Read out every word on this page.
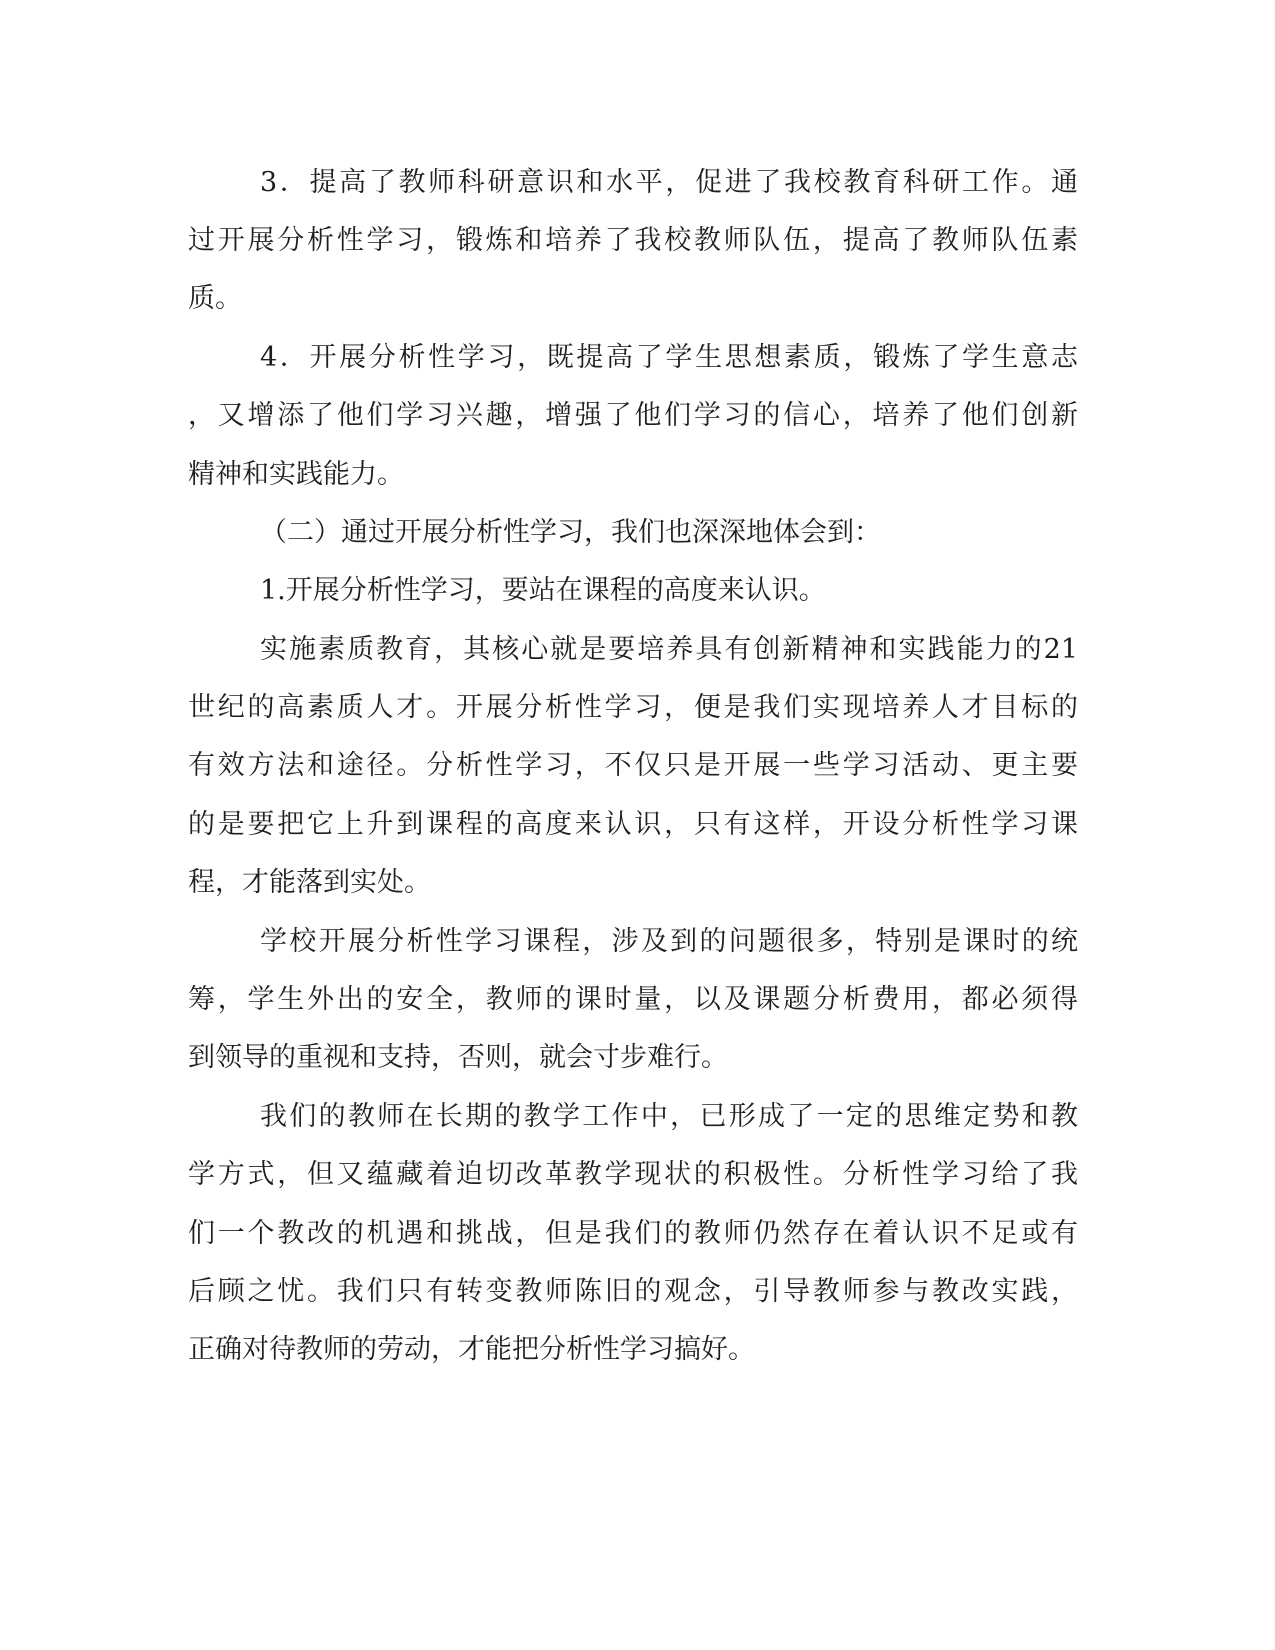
3．提高了教师科研意识和水平，促进了我校教育科研工作。通
过开展分析性学习，锻炼和培养了我校教师队伍，提高了教师队伍素
质。
4．开展分析性学习，既提高了学生思想素质，锻炼了学生意志
，又增添了他们学习兴趣，增强了他们学习的信心，培养了他们创新
精神和实践能力。
（二）通过开展分析性学习，我们也深深地体会到：
1.开展分析性学习，要站在课程的高度来认识。
实施素质教育，其核心就是要培养具有创新精神和实践能力的21
世纪的高素质人才。开展分析性学习，便是我们实现培养人才目标的
有效方法和途径。分析性学习，不仅只是开展一些学习活动、更主要
的是要把它上升到课程的高度来认识，只有这样，开设分析性学习课
程，才能落到实处。
学校开展分析性学习课程，涉及到的问题很多，特别是课时的统
筹，学生外出的安全，教师的课时量，以及课题分析费用，都必须得
到领导的重视和支持，否则，就会寸步难行。
我们的教师在长期的教学工作中，已形成了一定的思维定势和教
学方式，但又蕴藏着迫切改革教学现状的积极性。分析性学习给了我
们一个教改的机遇和挑战，但是我们的教师仍然存在着认识不足或有
后顾之忧。我们只有转变教师陈旧的观念，引导教师参与教改实践，
正确对待教师的劳动，才能把分析性学习搞好。
